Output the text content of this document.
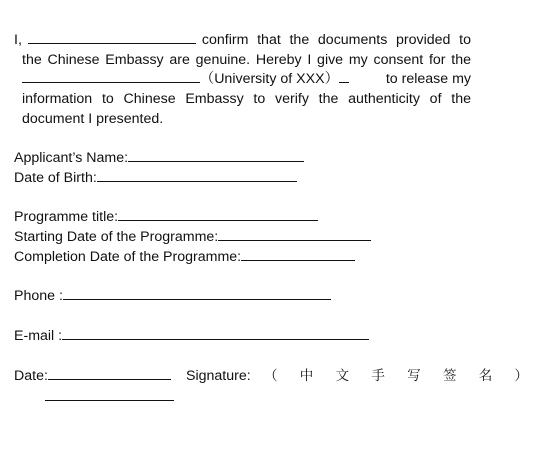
I,	confirm that the documents provided to
the Chinese Embassy are genuine. Hereby I give my consent for the
（University of XXX）	to release my
information to Chinese Embassy to verify the authenticity of the
document I presented.
Applicant’s Name:
Date of Birth:
Programme title:
Starting Date of the Programme:
Completion Date of the Programme:
Phone :
E-mail :
Date:	Signature: （ 中 文 手 写 签 名 ）
